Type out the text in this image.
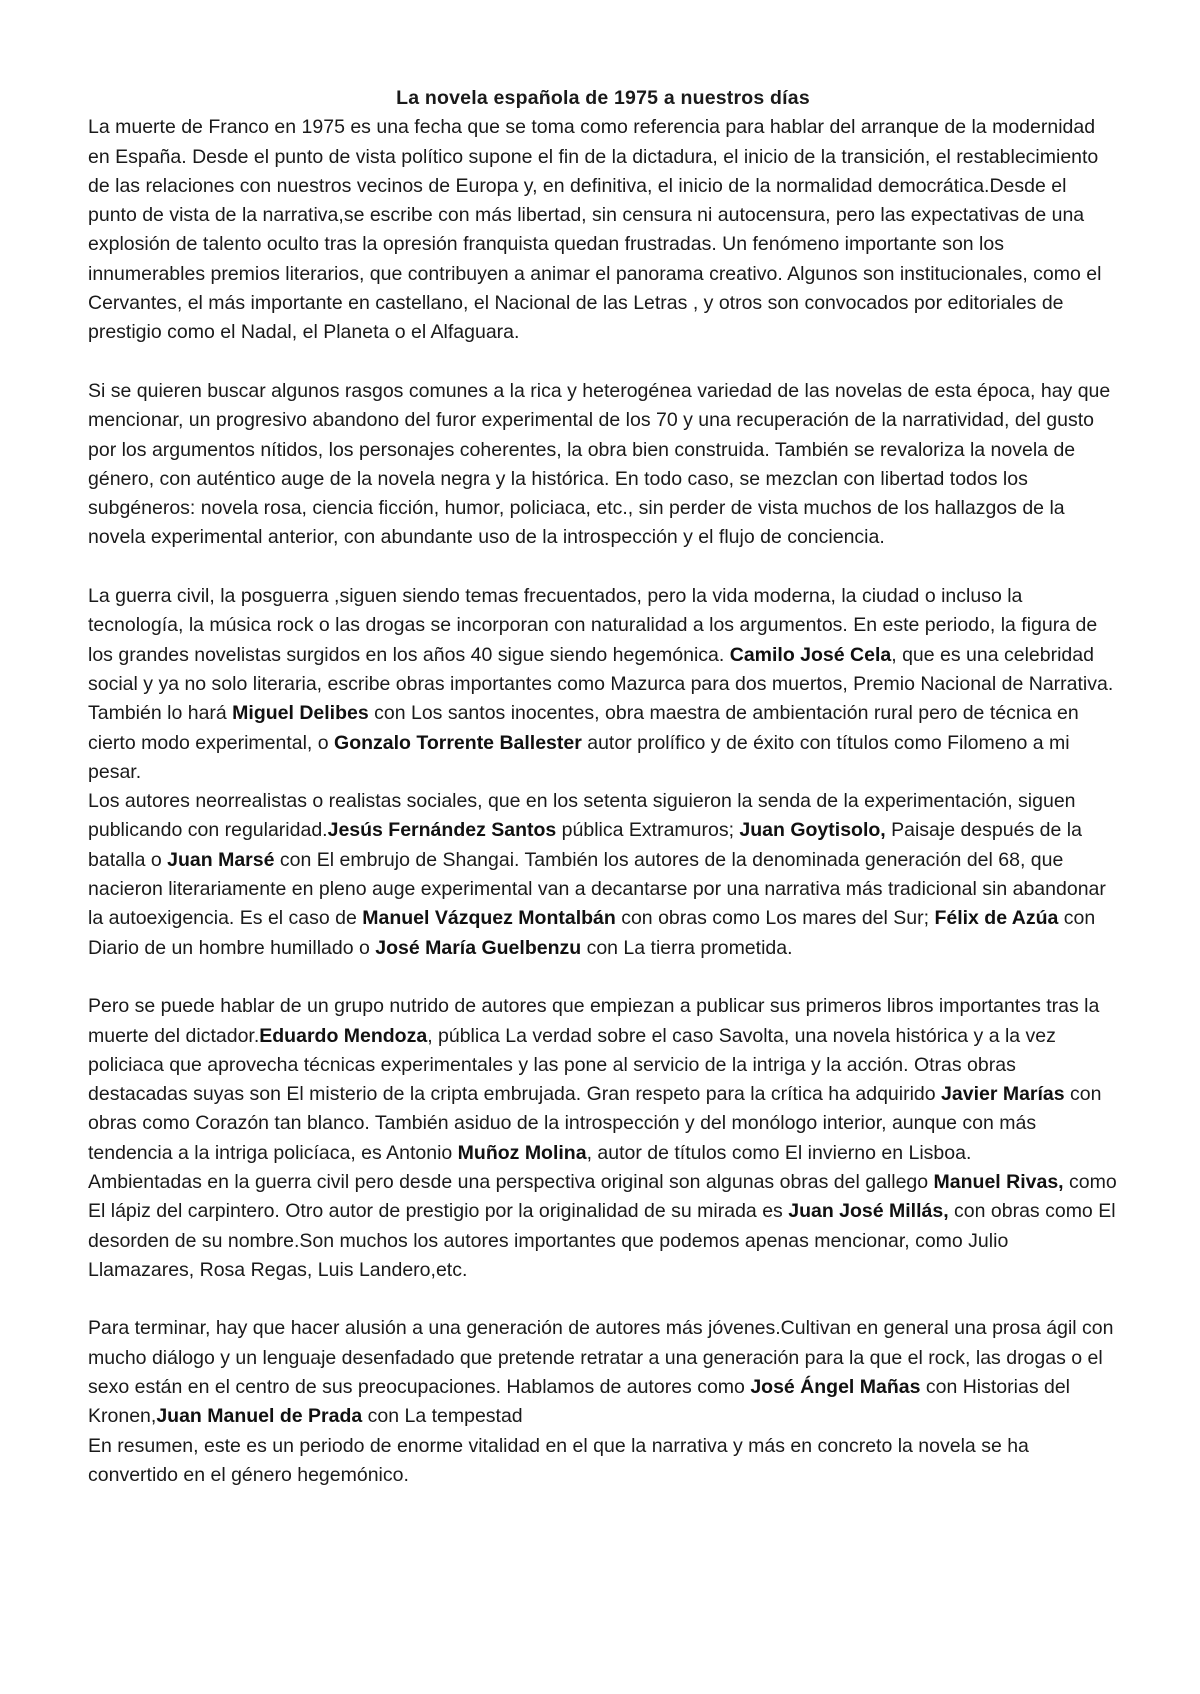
La novela española de 1975 a nuestros días

La muerte de Franco en 1975 es una fecha que se toma como referencia para hablar del arranque de la modernidad en España. Desde el punto de vista político supone el fin de la dictadura, el inicio de la transición, el restablecimiento de las relaciones con nuestros vecinos de Europa y, en definitiva, el inicio de la normalidad democrática.Desde el punto de vista de la narrativa,se escribe con más libertad, sin censura ni autocensura, pero las expectativas de una explosión de talento oculto tras la opresión franquista quedan frustradas. Un fenómeno importante son los innumerables premios literarios, que contribuyen a animar el panorama creativo. Algunos son institucionales, como el Cervantes, el más importante en castellano, el Nacional de las Letras , y otros son convocados por editoriales de prestigio como el Nadal, el Planeta o el Alfaguara.

Si se quieren buscar algunos rasgos comunes a la rica y heterogénea variedad de las novelas de esta época, hay que mencionar, un progresivo abandono del furor experimental de los 70 y una recuperación de la narratividad, del gusto por los argumentos nítidos, los personajes coherentes, la obra bien construida. También se revaloriza la novela de género, con auténtico auge de la novela negra y la histórica. En todo caso, se mezclan con libertad todos los subgéneros: novela rosa, ciencia ficción, humor, policiaca, etc., sin perder de vista muchos de los hallazgos de la novela experimental anterior, con abundante uso de la introspección y el flujo de conciencia.

La guerra civil, la posguerra ,siguen siendo temas frecuentados, pero la vida moderna, la ciudad o incluso la tecnología, la música rock o las drogas se incorporan con naturalidad a los argumentos. En este periodo, la figura de los grandes novelistas surgidos en los años 40 sigue siendo hegemónica. Camilo José Cela, que es una celebridad social y ya no solo literaria, escribe obras importantes como Mazurca para dos muertos, Premio Nacional de Narrativa. También lo hará Miguel Delibes con Los santos inocentes, obra maestra de ambientación rural pero de técnica en cierto modo experimental, o Gonzalo Torrente Ballester autor prolífico y de éxito con títulos como Filomeno a mi pesar.

Los autores neorrealistas o realistas sociales, que en los setenta siguieron la senda de la experimentación, siguen publicando con regularidad.Jesús Fernández Santos pública Extramuros; Juan Goytisolo, Paisaje después de la batalla o Juan Marsé con El embrujo de Shangai. También los autores de la denominada generación del 68, que nacieron literariamente en pleno auge experimental van a decantarse por una narrativa más tradicional sin abandonar la autoexigencia. Es el caso de Manuel Vázquez Montalbán con obras como Los mares del Sur; Félix de Azúa con Diario de un hombre humillado o José María Guelbenzu con La tierra prometida.

Pero se puede hablar de un grupo nutrido de autores que empiezan a publicar sus primeros libros importantes tras la muerte del dictador.Eduardo Mendoza, pública La verdad sobre el caso Savolta, una novela histórica y a la vez policiaca que aprovecha técnicas experimentales y las pone al servicio de la intriga y la acción. Otras obras destacadas suyas son El misterio de la cripta embrujada. Gran respeto para la crítica ha adquirido Javier Marías con obras como Corazón tan blanco. También asiduo de la introspección y del monólogo interior, aunque con más tendencia a la intriga policíaca, es Antonio Muñoz Molina, autor de títulos como El invierno en Lisboa.

Ambientadas en la guerra civil pero desde una perspectiva original son algunas obras del gallego Manuel Rivas, como El lápiz del carpintero. Otro autor de prestigio por la originalidad de su mirada es Juan José Millás, con obras como El desorden de su nombre.Son muchos los autores importantes que podemos apenas mencionar, como Julio Llamazares, Rosa Regas, Luis Landero,etc.

Para terminar, hay que hacer alusión a una generación de autores más jóvenes.Cultivan en general una prosa ágil con mucho diálogo y un lenguaje desenfadado que pretende retratar a una generación para la que el rock, las drogas o el sexo están en el centro de sus preocupaciones. Hablamos de autores como José Ángel Mañas con Historias del Kronen,Juan Manuel de Prada con La tempestad

En resumen, este es un periodo de enorme vitalidad en el que la narrativa y más en concreto la novela se ha convertido en el género hegemónico.
